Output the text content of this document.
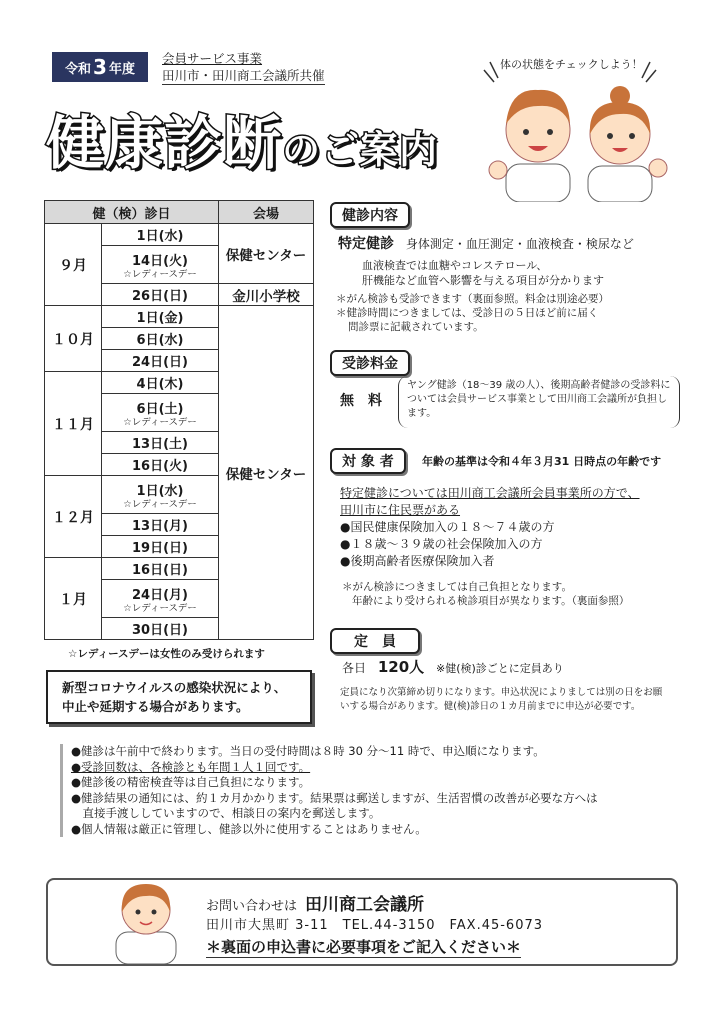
令和 3 年度
会員サービス事業
田川市・田川商工会議所共催
健康診断のご案内
体の状態をチェックしよう！
健（検）診日		会場
９月	1日(水)	保健センター
	14日(火)
☆レディースデー	

	26日(日)	金川小学校
１０月	1日(金)	保健センター
	6日(水)	
	24日(日)	
１１月	4日(木)	
	6日(土)
☆レディースデー	

	13日(土)	
	16日(火)	
１２月	1日(水)
☆レディースデー	

	13日(月)	
	19日(日)	
１月	16日(日)	
	24日(月)
☆レディースデー	

	30日(日)	
☆レディースデーは女性のみ受けられます
新型コロナウイルスの感染状況により、
中止や延期する場合があります。
健診内容
特定健診 身体測定・血圧測定・血液検査・検尿など
血液検査では血糖やコレステロール、
肝機能など血管へ影響を与える項目が分かります
＊がん検診も受診できます（裏面参照。料金は別途必要）
＊健診時間につきましては、受診日の５日ほど前に届く
問診票に記載されています。
受診料金
無　料
ヤング健診（18～39 歳の人）、後期高齢者健診の受診料については会員サービス事業として田川商工会議所が負担します。
対 象 者	年齢の基準は令和４年３月31 日時点の年齢です
特定健診については田川商工会議所会員事業所の方で、
田川市に住民票がある
●国民健康保険加入の１８～７４歳の方
●１８歳～３９歳の社会保険加入の方
●後期高齢者医療保険加入者
＊がん検診につきましては自己負担となります。
年齢により受けられる検診項目が異なります。（裏面参照）
定　員
各日 120人 ※健(検)診ごとに定員あり
定員になり次第締め切りになります。申込状況によりましては別の日をお願
いする場合があります。健(検)診日の１カ月前までに申込が必要です。
●健診は午前中で終わります。当日の受付時間は８時 30 分～11 時で、申込順になります。
●受診回数は、各検診とも年間１人１回です。
●健診後の精密検査等は自己負担になります。
●健診結果の通知には、約１カ月かかります。結果票は郵送しますが、生活習慣の改善が必要な方へは
　直接手渡ししていますので、相談日の案内を郵送します。
●個人情報は厳正に管理し、健診以外に使用することはありません。
お問い合わせは 田川商工会議所
田川市大黒町 3-11　TEL.44-3150　FAX.45-6073
＊裏面の申込書に必要事項をご記入ください＊
